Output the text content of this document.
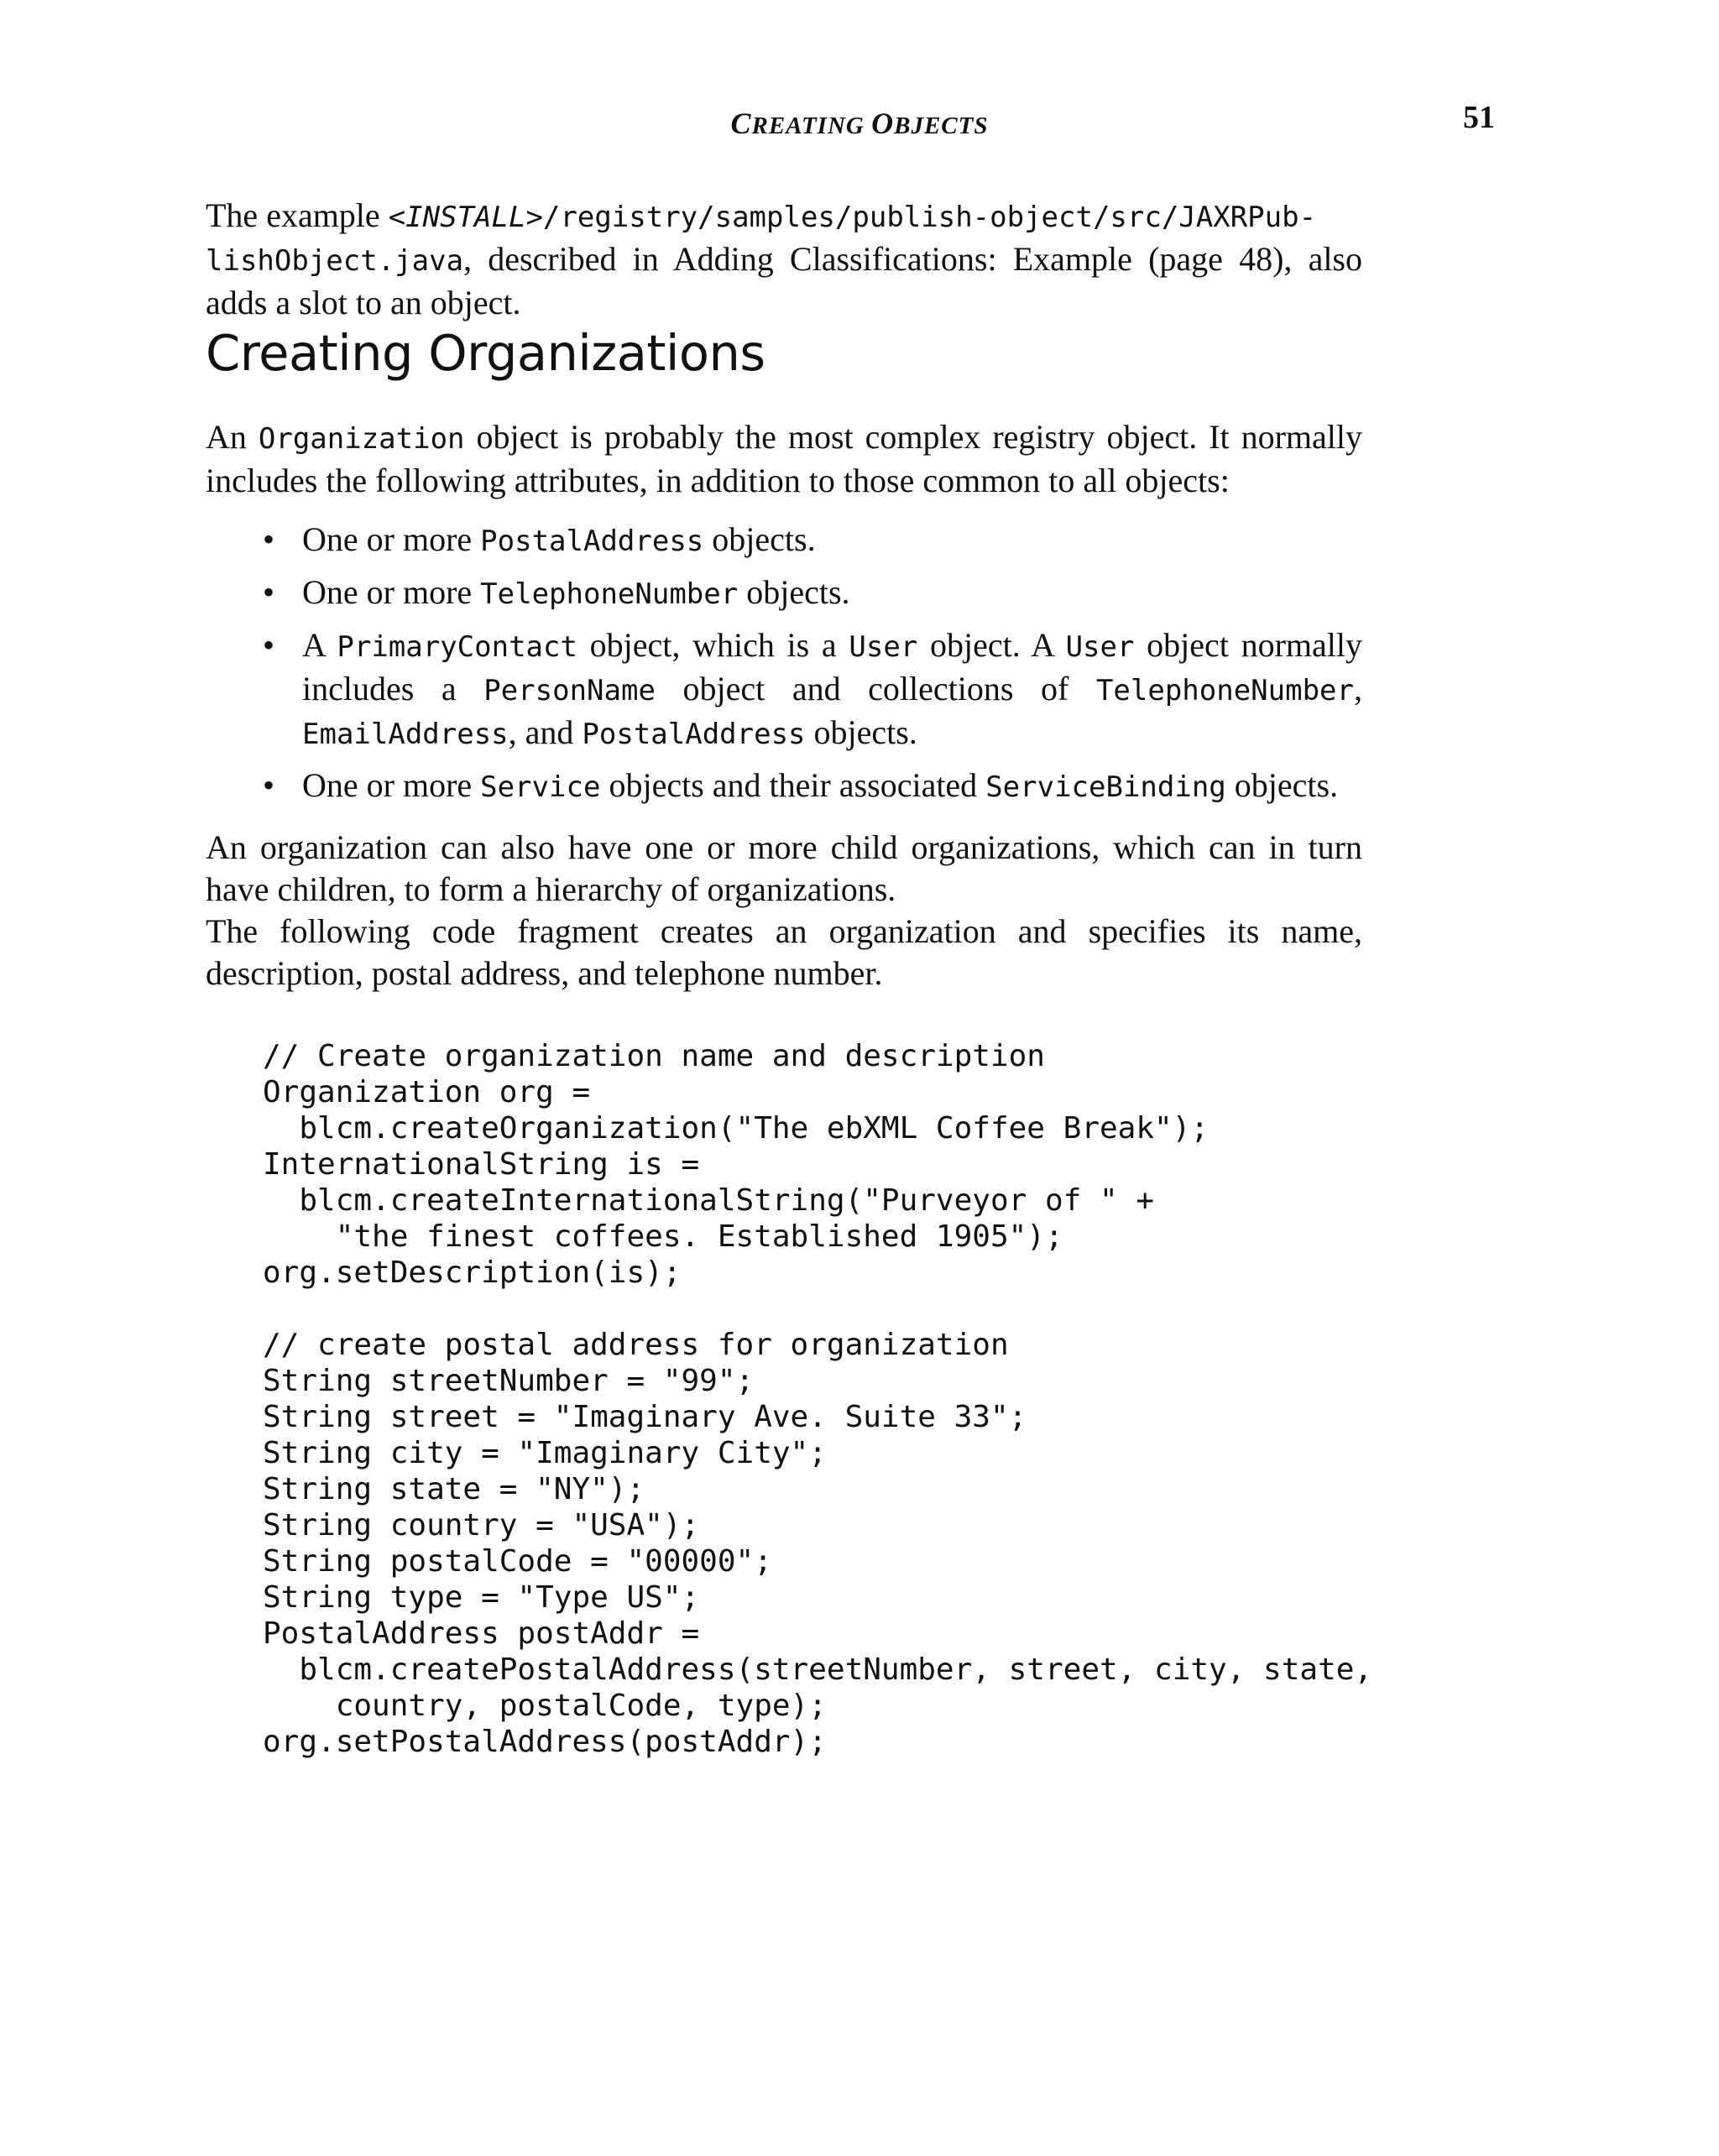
CREATING OBJECTS	51

The example <INSTALL>/registry/samples/publish-object/src/JAXRPub-
lishObject.java, described in Adding Classifications: Example (page 48), also adds a slot to an object.

Creating Organizations

An Organization object is probably the most complex registry object. It normally includes the following attributes, in addition to those common to all objects:

• One or more PostalAddress objects.
• One or more TelephoneNumber objects.
• A PrimaryContact object, which is a User object. A User object normally includes a PersonName object and collections of TelephoneNumber, EmailAddress, and PostalAddress objects.
• One or more Service objects and their associated ServiceBinding objects.

An organization can also have one or more child organizations, which can in turn have children, to form a hierarchy of organizations.

The following code fragment creates an organization and specifies its name, description, postal address, and telephone number.

// Create organization name and description
Organization org =
blcm.createOrganization("The ebXML Coffee Break");
InternationalString is =
blcm.createInternationalString("Purveyor of " +
"the finest coffees. Established 1905");
org.setDescription(is);

// create postal address for organization
String streetNumber = "99";
String street = "Imaginary Ave. Suite 33";
String city = "Imaginary City";
String state = "NY");
String country = "USA");
String postalCode = "00000";
String type = "Type US";
PostalAddress postAddr =
blcm.createPostalAddress(streetNumber, street, city, state,
country, postalCode, type);
org.setPostalAddress(postAddr);
